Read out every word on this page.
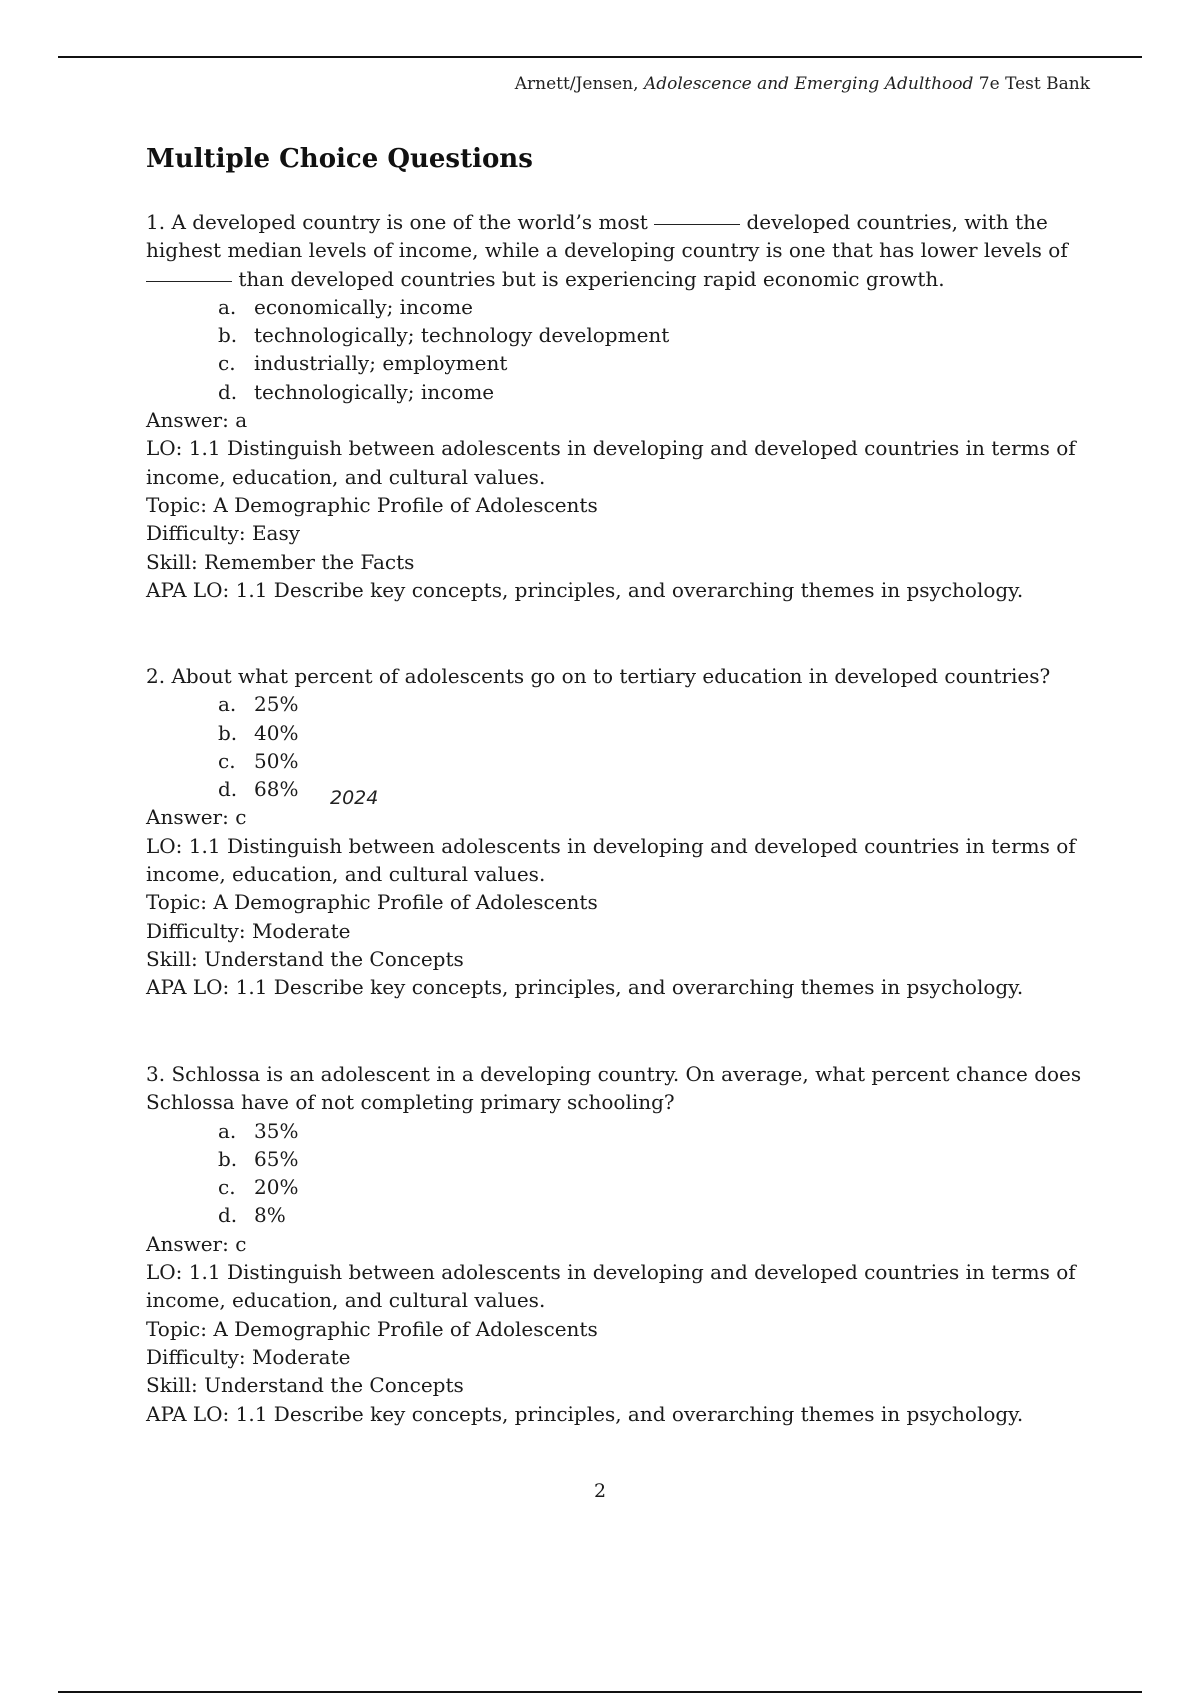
Arnett/Jensen, Adolescence and Emerging Adulthood 7e Test Bank
Multiple Choice Questions

1. A developed country is one of the world’s most	developed countries, with the highest median levels of income, while a developing country is one that has lower levels of  than developed countries but is experiencing rapid economic growth.

a. economically; income
b. technologically; technology development
c. industrially; employment
d. technologically; income
Answer: a
LO: 1.1 Distinguish between adolescents in developing and developed countries in terms of income, education, and cultural values.
Topic: A Demographic Profile of Adolescents
Difficulty: Easy
Skill: Remember the Facts
APA LO: 1.1 Describe key concepts, principles, and overarching themes in psychology.

2. About what percent of adolescents go on to tertiary education in developed countries?

a. 25%
b. 40%
c. 50%
d. 68%
Answer: c
LO: 1.1 Distinguish between adolescents in developing and developed countries in terms of income, education, and cultural values.
Topic: A Demographic Profile of Adolescents
Difficulty: Moderate
Skill: Understand the Concepts
APA LO: 1.1 Describe key concepts, principles, and overarching themes in psychology.
2024

3. Schlossa is an adolescent in a developing country. On average, what percent chance does Schlossa have of not completing primary schooling?

a. 35%
b. 65%
c. 20%
d. 8%
Answer: c
LO: 1.1 Distinguish between adolescents in developing and developed countries in terms of income, education, and cultural values.
Topic: A Demographic Profile of Adolescents
Difficulty: Moderate
Skill: Understand the Concepts
APA LO: 1.1 Describe key concepts, principles, and overarching themes in psychology.
2
